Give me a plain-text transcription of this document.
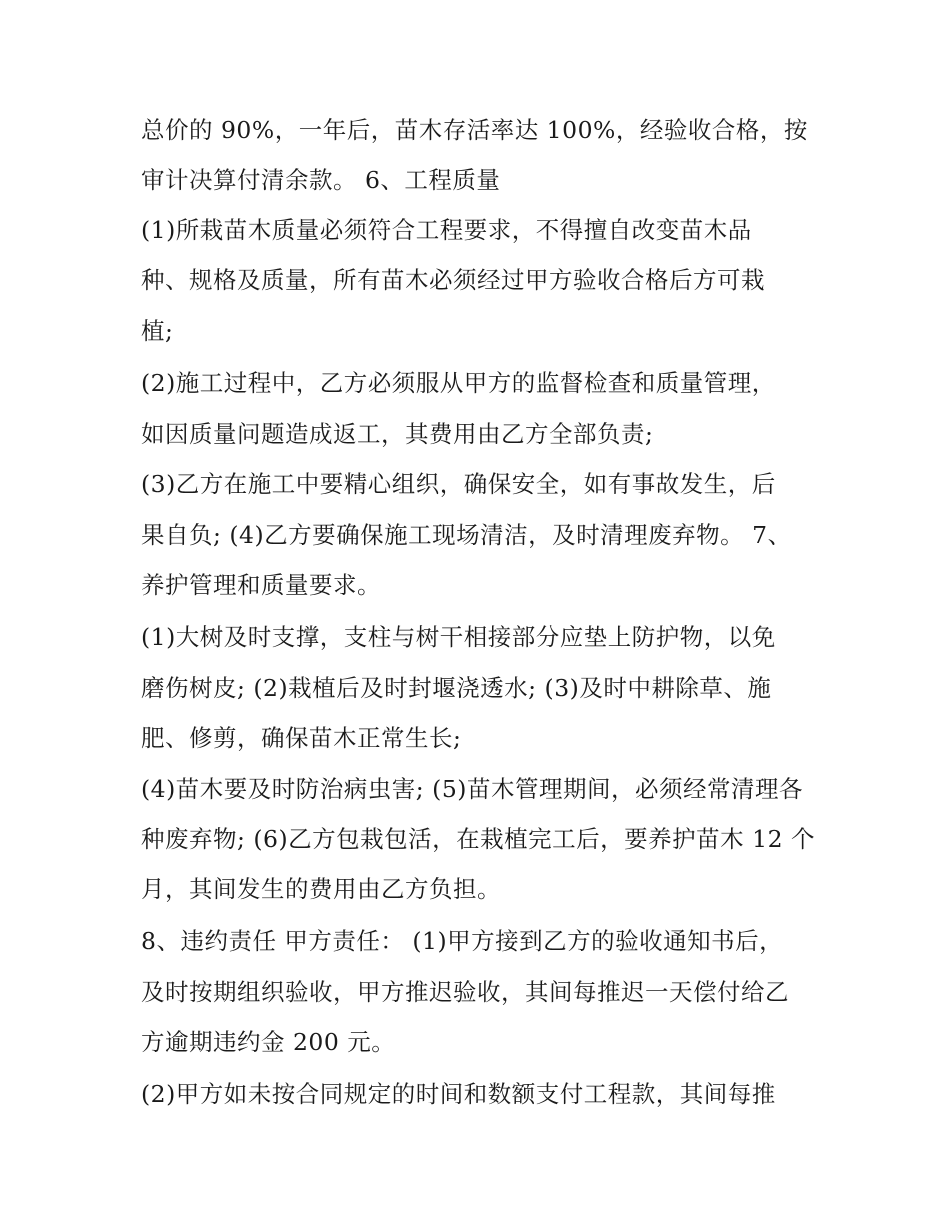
总价的 90%，一年后，苗木存活率达 100%，经验收合格，按
审计决算付清余款。 6、工程质量
(1)所栽苗木质量必须符合工程要求，不得擅自改变苗木品
种、规格及质量，所有苗木必须经过甲方验收合格后方可栽
植;
(2)施工过程中，乙方必须服从甲方的监督检查和质量管理，
如因质量问题造成返工，其费用由乙方全部负责;
(3)乙方在施工中要精心组织，确保安全，如有事故发生，后
果自负; (4)乙方要确保施工现场清洁，及时清理废弃物。 7、
养护管理和质量要求。
(1)大树及时支撑，支柱与树干相接部分应垫上防护物，以免
磨伤树皮; (2)栽植后及时封堰浇透水; (3)及时中耕除草、施
肥、修剪，确保苗木正常生长;
(4)苗木要及时防治病虫害; (5)苗木管理期间，必须经常清理各
种废弃物; (6)乙方包栽包活，在栽植完工后，要养护苗木 12 个
月，其间发生的费用由乙方负担。
8、违约责任 甲方责任： (1)甲方接到乙方的验收通知书后，
及时按期组织验收，甲方推迟验收，其间每推迟一天偿付给乙
方逾期违约金 200 元。
(2)甲方如未按合同规定的时间和数额支付工程款，其间每推
